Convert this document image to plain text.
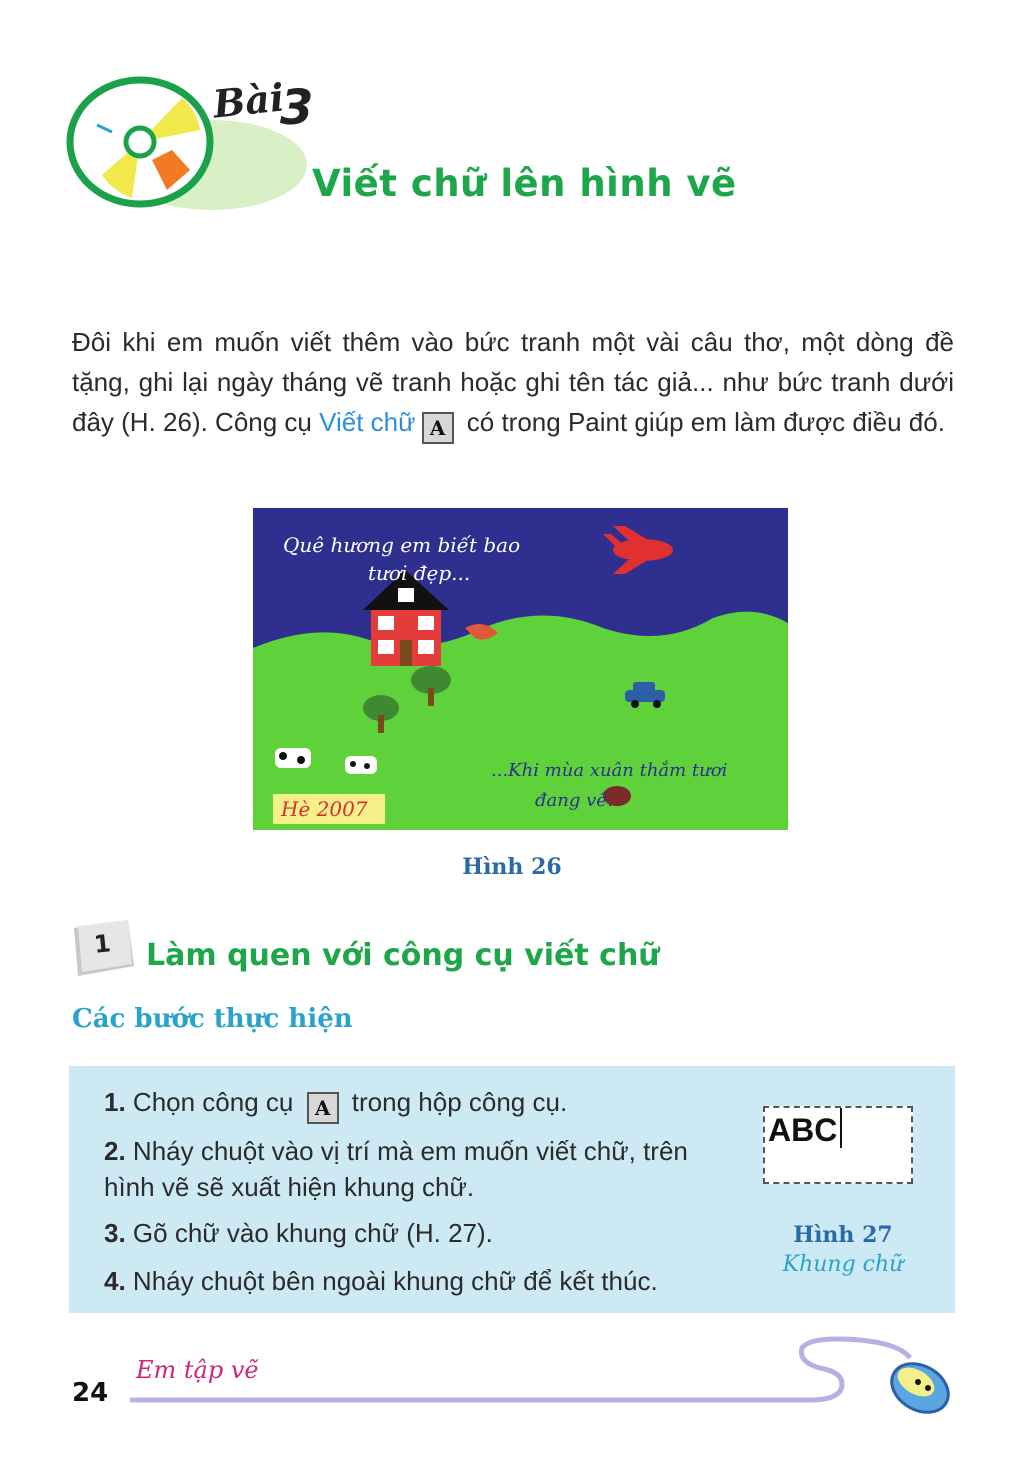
Bài
3
Viết chữ lên hình vẽ
Đôi khi em muốn viết thêm vào bức tranh một vài câu thơ, một dòng đề tặng, ghi lại ngày tháng vẽ tranh hoặc ghi tên tác giả... như bức tranh dưới đây (H. 26). Công cụ Viết chữ A có trong Paint giúp em làm được điều đó.
Quê hương em biết bao
tươi đẹp...
...Khi mùa xuân thắm tươi
đang về.
Hè 2007
Hình 26
1 Làm quen với công cụ viết chữ
Các bước thực hiện
1. Chọn công cụ A trong hộp công cụ.
2. Nháy chuột vào vị trí mà em muốn viết chữ, trên hình vẽ sẽ xuất hiện khung chữ.
3. Gõ chữ vào khung chữ (H. 27).
4. Nháy chuột bên ngoài khung chữ để kết thúc.
ABC
Hình 27
Khung chữ
Em tập vẽ
24
